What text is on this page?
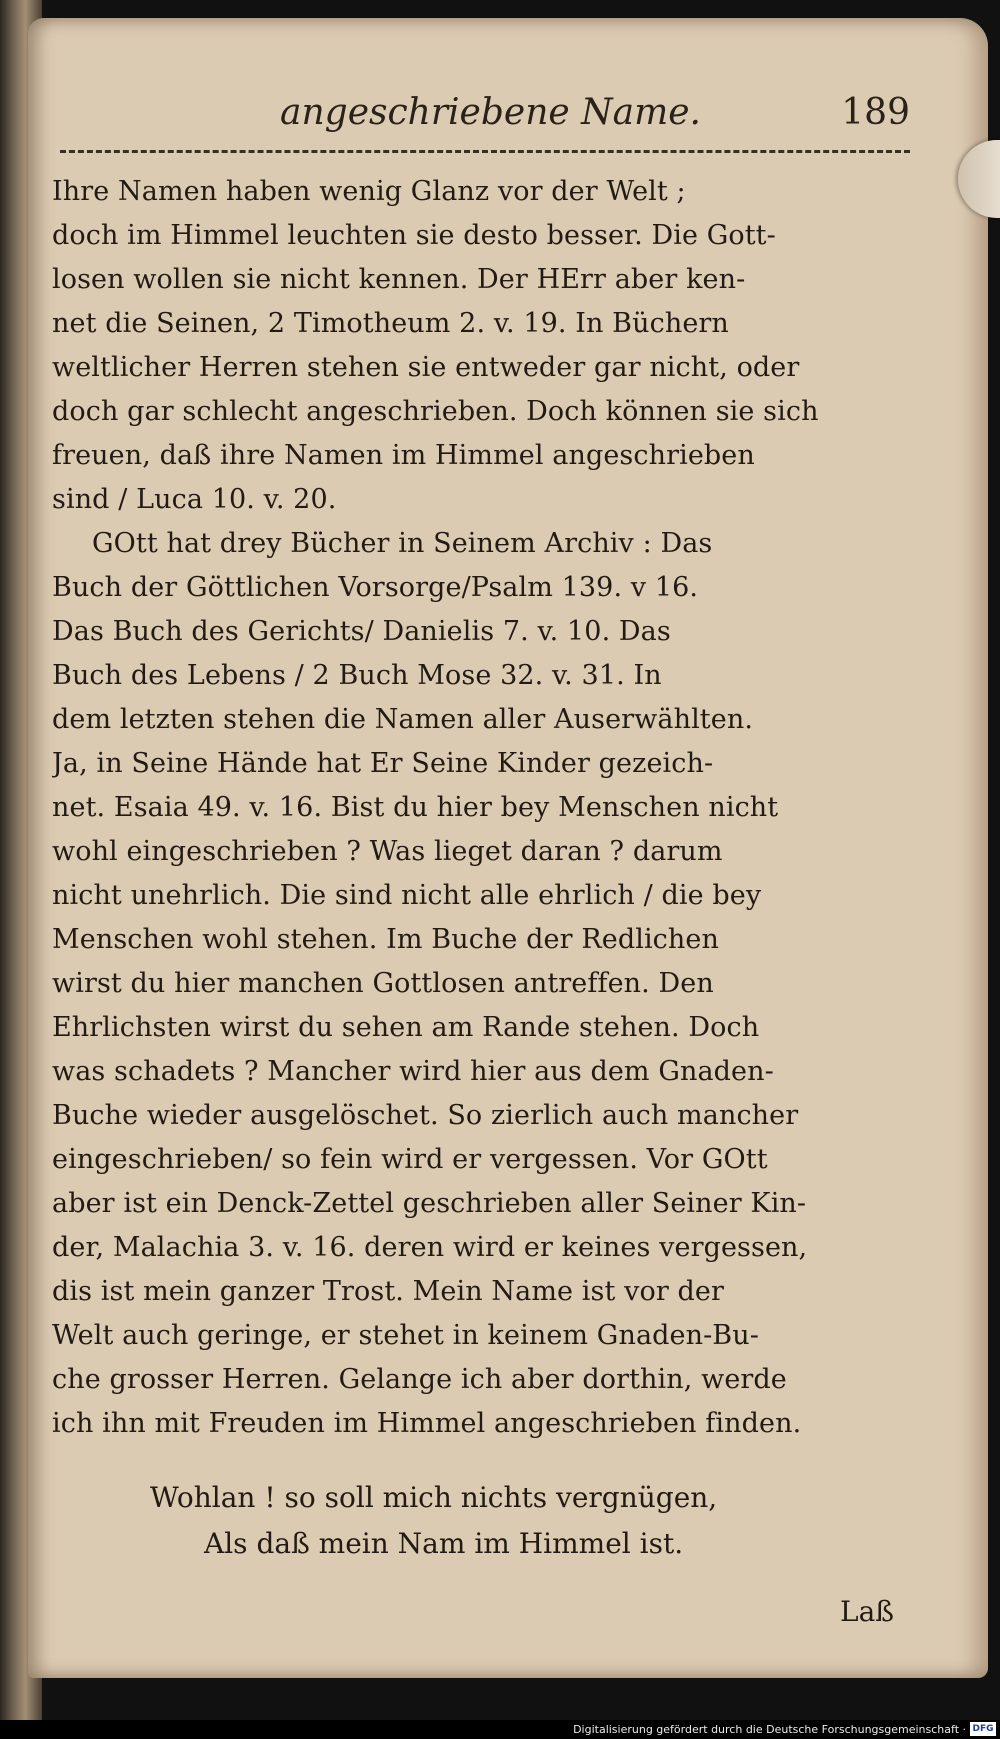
angeschriebene Name.	189
Ihre Namen haben wenig Glanz vor der Welt ;
doch im Himmel leuchten sie desto besser. Die Gott-
losen wollen sie nicht kennen. Der HErr aber ken-
net die Seinen, 2 Timotheum 2. v. 19. In Büchern
weltlicher Herren stehen sie entweder gar nicht, oder
doch gar schlecht angeschrieben. Doch können sie sich
freuen, daß ihre Namen im Himmel angeschrieben
sind / Luca 10. v. 20.
GOtt hat drey Bücher in Seinem Archiv : Das
Buch der Göttlichen Vorsorge/Psalm 139. v 16.
Das Buch des Gerichts/ Danielis 7. v. 10. Das
Buch des Lebens / 2 Buch Mose 32. v. 31. In
dem letzten stehen die Namen aller Auserwählten.
Ja, in Seine Hände hat Er Seine Kinder gezeich-
net. Esaia 49. v. 16. Bist du hier bey Menschen nicht
wohl eingeschrieben ? Was lieget daran ? darum
nicht unehrlich. Die sind nicht alle ehrlich / die bey
Menschen wohl stehen. Im Buche der Redlichen
wirst du hier manchen Gottlosen antreffen. Den
Ehrlichsten wirst du sehen am Rande stehen. Doch
was schadets ? Mancher wird hier aus dem Gnaden-
Buche wieder ausgelöschet. So zierlich auch mancher
eingeschrieben/ so fein wird er vergessen. Vor GOtt
aber ist ein Denck-Zettel geschrieben aller Seiner Kin-
der, Malachia 3. v. 16. deren wird er keines vergessen,
dis ist mein ganzer Trost. Mein Name ist vor der
Welt auch geringe, er stehet in keinem Gnaden-Bu-
che grosser Herren. Gelange ich aber dorthin, werde
ich ihn mit Freuden im Himmel angeschrieben finden.
Wohlan ! so soll mich nichts vergnügen,
Als daß mein Nam im Himmel ist.
Laß
Digitalisierung gefördert durch die Deutsche Forschungsgemeinschaft · DFG
